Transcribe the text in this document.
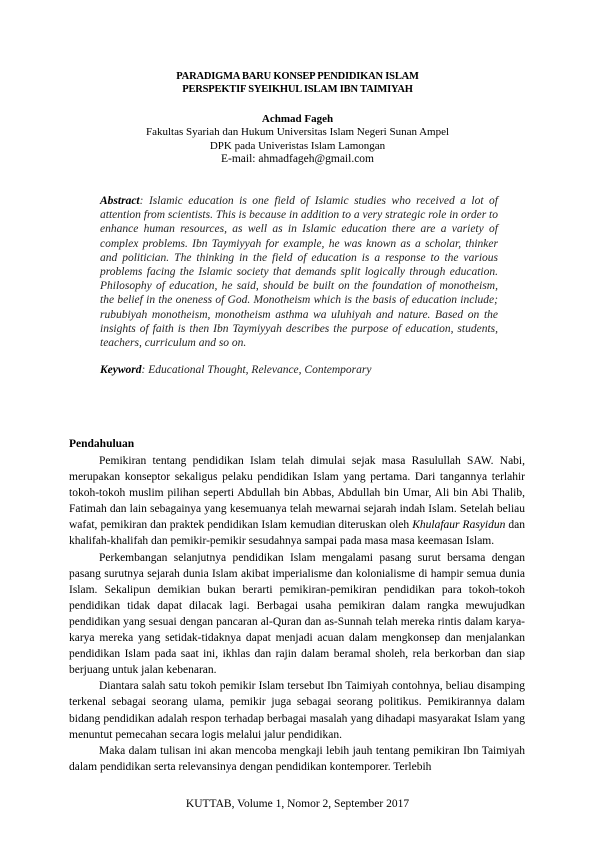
PARADIGMA BARU KONSEP PENDIDIKAN ISLAM
PERSPEKTIF SYEIKHUL ISLAM IBN TAIMIYAH
Achmad Fageh
Fakultas Syariah dan Hukum Universitas Islam Negeri Sunan Ampel
DPK pada Univeristas Islam Lamongan
E-mail: ahmadfageh@gmail.com
Abstract: Islamic education is one field of Islamic studies who received a lot of attention from scientists. This is because in addition to a very strategic role in order to enhance human resources, as well as in Islamic education there are a variety of complex problems. Ibn Taymiyyah for example, he was known as a scholar, thinker and politician. The thinking in the field of education is a response to the various problems facing the Islamic society that demands split logically through education. Philosophy of education, he said, should be built on the foundation of monotheism, the belief in the oneness of God. Monotheism which is the basis of education include; rububiyah monotheism, monotheism asthma wa uluhiyah and nature. Based on the insights of faith is then Ibn Taymiyyah describes the purpose of education, students, teachers, curriculum and so on.
Keyword: Educational Thought, Relevance, Contemporary
Pendahuluan

Pemikiran tentang pendidikan Islam telah dimulai sejak masa Rasulullah SAW. Nabi, merupakan konseptor sekaligus pelaku pendidikan Islam yang pertama. Dari tangannya terlahir tokoh-tokoh muslim pilihan seperti Abdullah bin Abbas, Abdullah bin Umar, Ali bin Abi Thalib, Fatimah dan lain sebagainya yang kesemuanya telah mewarnai sejarah indah Islam. Setelah beliau wafat, pemikiran dan praktek pendidikan Islam kemudian diteruskan oleh Khulafaur Rasyidun dan khalifah-khalifah dan pemikir-pemikir sesudahnya sampai pada masa masa keemasan Islam.

Perkembangan selanjutnya pendidikan Islam mengalami pasang surut bersama dengan pasang surutnya sejarah dunia Islam akibat imperialisme dan kolonialisme di hampir semua dunia Islam. Sekalipun demikian bukan berarti pemikiran-pemikiran pendidikan para tokoh-tokoh pendidikan tidak dapat dilacak lagi. Berbagai usaha pemikiran dalam rangka mewujudkan pendidikan yang sesuai dengan pancaran al-Quran dan as-Sunnah telah mereka rintis dalam karya-karya mereka yang setidak-tidaknya dapat menjadi acuan dalam mengkonsep dan menjalankan pendidikan Islam pada saat ini, ikhlas dan rajin dalam beramal sholeh, rela berkorban dan siap berjuang untuk jalan kebenaran.

Diantara salah satu tokoh pemikir Islam tersebut Ibn Taimiyah contohnya, beliau disamping terkenal sebagai seorang ulama, pemikir juga sebagai seorang politikus. Pemikirannya dalam bidang pendidikan adalah respon terhadap berbagai masalah yang dihadapi masyarakat Islam yang menuntut pemecahan secara logis melalui jalur pendidikan.

Maka dalam tulisan ini akan mencoba mengkaji lebih jauh tentang pemikiran Ibn Taimiyah dalam pendidikan serta relevansinya dengan pendidikan kontemporer. Terlebih

KUTTAB, Volume 1, Nomor 2, September 2017
